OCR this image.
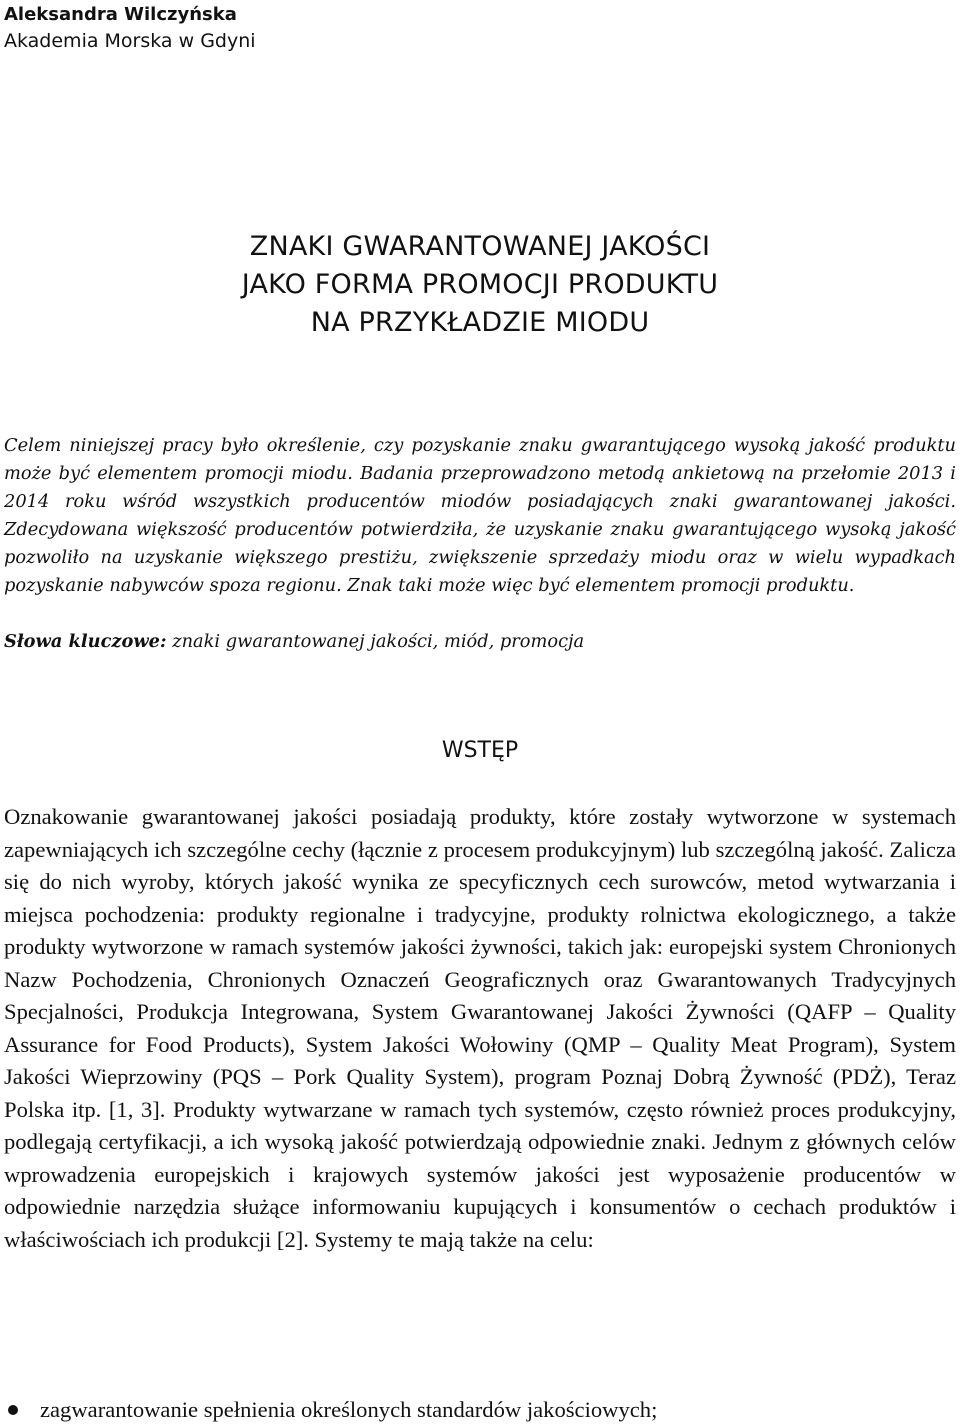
Aleksandra Wilczyńska
Akademia Morska w Gdyni
ZNAKI GWARANTOWANEJ JAKOŚCI
JAKO FORMA PROMOCJI PRODUKTU
NA PRZYKŁADZIE MIODU

Celem niniejszej pracy było określenie, czy pozyskanie znaku gwarantującego wysoką jakość produktu może być elementem promocji miodu. Badania przeprowadzono metodą ankietową na przełomie 2013 i 2014 roku wśród wszystkich producentów miodów posiadających znaki gwarantowanej jakości. Zdecydowana większość producentów potwierdziła, że uzyskanie znaku gwarantującego wysoką jakość pozwoliło na uzyskanie większego prestiżu, zwiększenie sprzedaży miodu oraz w wielu wypadkach pozyskanie nabywców spoza regionu. Znak taki może więc być elementem promocji produktu.

Słowa kluczowe: znaki gwarantowanej jakości, miód, promocja

WSTĘP

Oznakowanie gwarantowanej jakości posiadają produkty, które zostały wytworzone w systemach zapewniających ich szczególne cechy (łącznie z procesem produkcyjnym) lub szczególną jakość. Zalicza się do nich wyroby, których jakość wynika ze specyficznych cech surowców, metod wytwarzania i miejsca pochodzenia: produkty regionalne i tradycyjne, produkty rolnictwa ekologicznego, a także produkty wytworzone w ramach systemów jakości żywności, takich jak: europejski system Chronionych Nazw Pochodzenia, Chronionych Oznaczeń Geograficznych oraz Gwarantowanych Tradycyjnych Specjalności, Produkcja Integrowana, System Gwarantowanej Jakości Żywności (QAFP – Quality Assurance for Food Products), System Jakości Wołowiny (QMP – Quality Meat Program), System Jakości Wieprzowiny (PQS – Pork Quality System), program Poznaj Dobrą Żywność (PDŻ), Teraz Polska itp. [1, 3]. Produkty wytwarzane w ramach tych systemów, często również proces produkcyjny, podlegają certyfikacji, a ich wysoką jakość potwierdzają odpowiednie znaki. Jednym z głównych celów wprowadzenia europejskich i krajowych systemów jakości jest wyposażenie producentów w odpowiednie narzędzia służące informowaniu kupujących i konsumentów o cechach produktów i właściwościach ich produkcji [2]. Systemy te mają także na celu:

zagwarantowanie spełnienia określonych standardów jakościowych;
